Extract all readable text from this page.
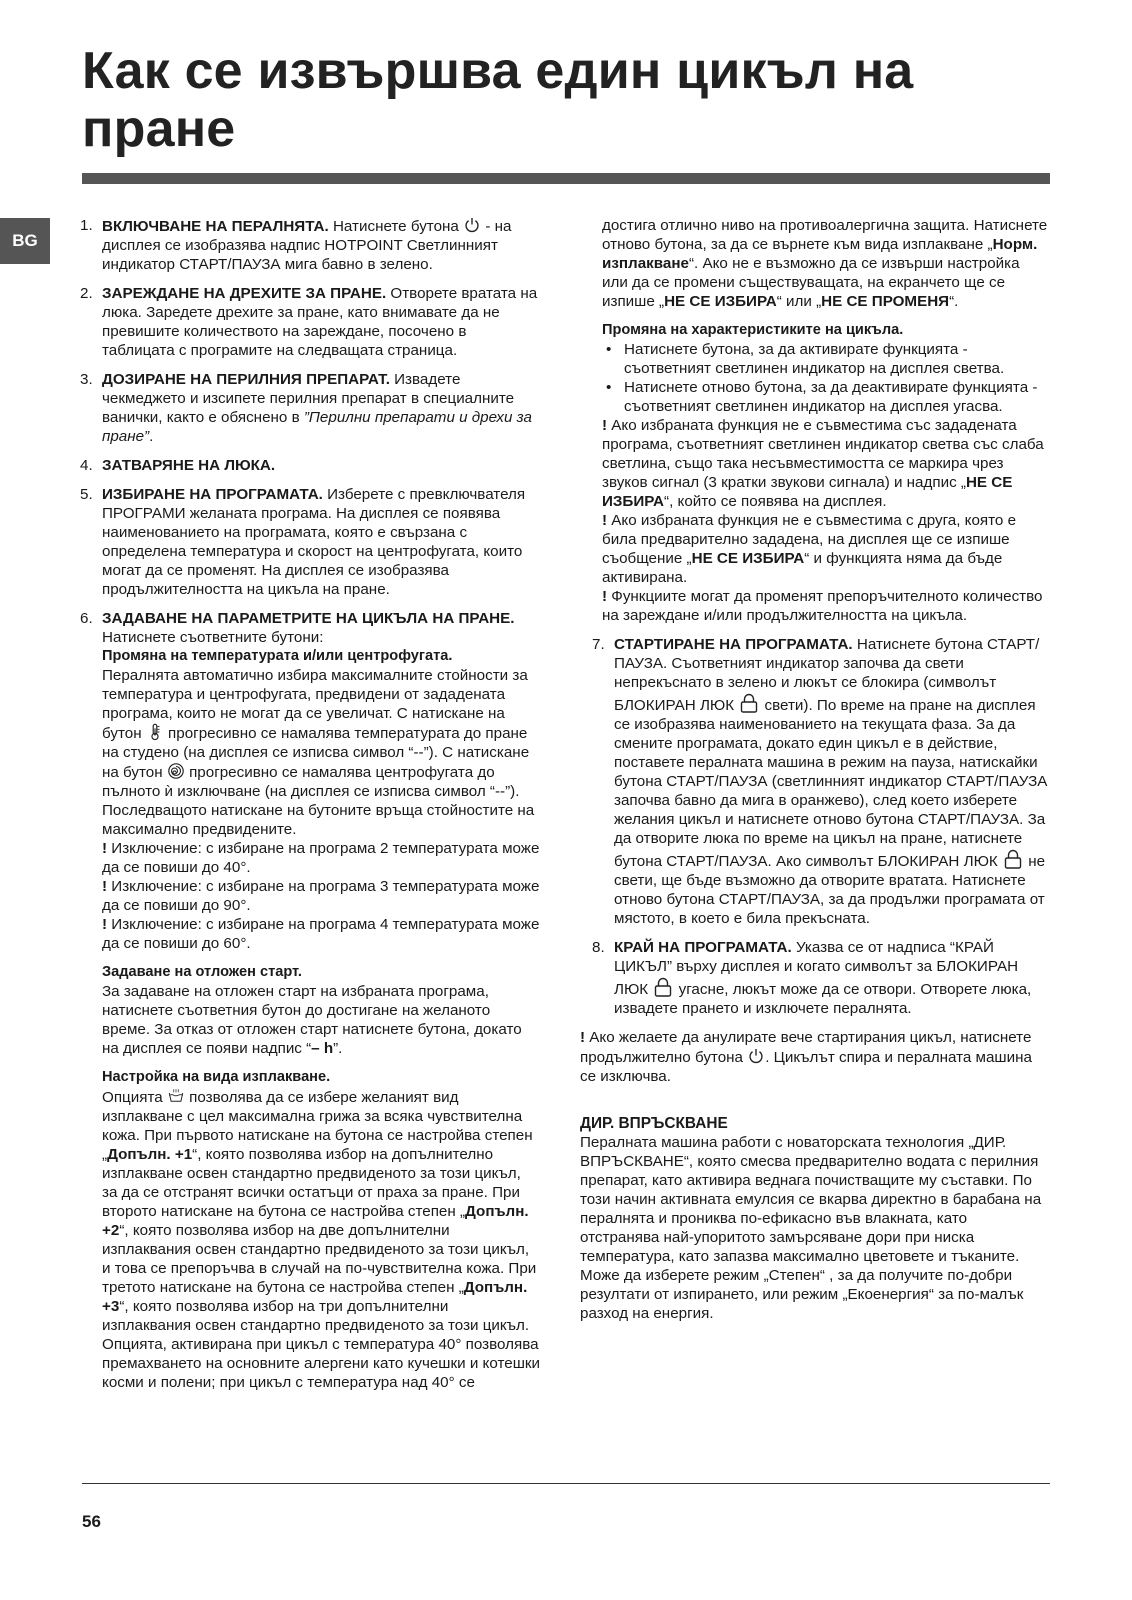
Как се извършва един цикъл на пране
BG
1. ВКЛЮЧВАНЕ НА ПЕРАЛНЯТА. Натиснете бутона
- на дисплея се изобразява надпис HOTPOINT Светлинният индикатор СТАРТ/ПАУЗА мига бавно в зелено.
2. ЗАРЕЖДАНЕ НА ДРЕХИТЕ ЗА ПРАНЕ. Отворете вратата на люка. Заредете дрехите за пране, като внимавате да не превишите количеството на зареждане, посочено в таблицата с програмите на следващата страница.
3. ДОЗИРАНЕ НА ПЕРИЛНИЯ ПРЕПАРАТ. Извадете чекмеджето и изсипете перилния препарат в специалните ванички, както е обяснено в ”Перилни препарати и дрехи за пране”.
4. ЗАТВАРЯНЕ НА ЛЮКА.
5. ИЗБИРАНЕ НА ПРОГРАМАТА. Изберете с превключвателя ПРОГРАМИ желаната програма. На дисплея се появява наименованието на програмата, която е свързана с определена температура и скорост на центрофугата, които могат да се променят. На дисплея се изобразява продължителността на цикъла на пране.
6. ЗАДАВАНЕ НА ПАРАМЕТРИТЕ НА ЦИКЪЛА НА ПРАНЕ. Натиснете съответните бутони:

Промяна на температурата и/или центрофугата.

Пералнята автоматично избира максималните стойности за температура и центрофугата, предвидени от зададената програма, които не могат да се увеличат. С натискане на бутон
прогресивно се намалява температурата до пране на студено (на дисплея се изписва символ “--”). С натискане на бутон
прогресивно се намалява центрофугата до пълното ѝ изключване (на дисплея се изписва символ “--”). Последващото натискане на бутоните връща стойностите на максимално предвидените.

! Изключение: с избиране на програма 2 температурата може да се повиши до 40°.

! Изключение: с избиране на програма 3 температурата може да се повиши до 90°.

! Изключение: с избиране на програма 4 температурата може да се повиши до 60°.

Задаване на отложен старт.

За задаване на отложен старт на избраната програма, натиснете съответния бутон до достигане на желаното време. За отказ от отложен старт натиснете бутона, докато на дисплея се появи надпис “– h”.

Настройка на вида изплакване.

Опцията
позволява да се избере желаният вид изплакване с цел максимална грижа за всяка чувствителна кожа. При първото натискане на бутона се настройва степен „Допълн. +1“, която позволява избор на допълнително изплакване освен стандартно предвиденото за този цикъл, за да се отстранят всички остатъци от праха за пране. При второто натискане на бутона се настройва степен „Допълн. +2“, която позволява избор на две допълнителни изплаквания освен стандартно предвиденото за този цикъл, и това се препоръчва в случай на по-чувствителна кожа. При третото натискане на бутона се настройва степен „Допълн. +3“, която позволява избор на три допълнителни изплаквания освен стандартно предвиденото за този цикъл. Опцията, активирана при цикъл с температура 40° позволява премахването на основните алергени като кучешки и котешки косми и полени; при цикъл с температура над 40° се

достига отлично ниво на противоалергична защита. Натиснете отново бутона, за да се върнете към вида изплакване „Норм. изплакване“. Ако не е възможно да се извърши настройка или да се промени съществуващата, на екранчето ще се изпише „НЕ СЕ ИЗБИРА“ или „НЕ СЕ ПРОМЕНЯ“.

Промяна на характеристиките на цикъла.

• Натиснете бутона, за да активирате функцията - съответният светлинен индикатор на дисплея светва.
• Натиснете отново бутона, за да деактивирате функцията - съответният светлинен индикатор на дисплея угасва.

! Ако избраната функция не е съвместима със зададената програма, съответният светлинен индикатор светва със слаба светлина, също така несъвместимостта се маркира чрез звуков сигнал (3 кратки звукови сигнала) и надпис „НЕ СЕ ИЗБИРА“, който се появява на дисплея.

! Ако избраната функция не е съвместима с друга, която е била предварително зададена, на дисплея ще се изпише съобщение „НЕ СЕ ИЗБИРА“ и функцията няма да бъде активирана.

! Функциите могат да променят препоръчителното количество на зареждане и/или продължителността на цикъла.

7. СТАРТИРАНЕ НА ПРОГРАМАТА. Натиснете бутона СТАРТ/ПАУЗА. Съответният индикатор започва да свети непрекъснато в зелено и люкът се блокира (символът БЛОКИРАН ЛЮК
свети). По време на пране на дисплея се изобразява наименованието на текущата фаза. За да смените програмата, докато един цикъл е в действие, поставете пералната машина в режим на пауза, натискайки бутона СТАРТ/ПАУЗА (светлинният индикатор СТАРТ/ПАУЗА започва бавно да мига в оранжево), след което изберете желания цикъл и натиснете отново бутона СТАРТ/ПАУЗА. За да отворите люка по време на цикъл на пране, натиснете бутона СТАРТ/ПАУЗА. Ако символът БЛОКИРАН ЛЮК
не свети, ще бъде възможно да отворите вратата. Натиснете отново бутона СТАРТ/ПАУЗА, за да продължи програмата от мястото, в което е била прекъсната.
8. КРАЙ НА ПРОГРАМАТА. Указва се от надписа “КРАЙ ЦИКЪЛ” върху дисплея и когато символът за БЛОКИРАН ЛЮК
угасне, люкът може да се отвори. Отворете люка, извадете прането и изключете пералнята.

! Ако желаете да анулирате вече стартирания цикъл, натиснете продължително бутона
. Цикълът спира и пералната машина се изключва.

ДИР. ВПРЪСКВАНЕ

Пералната машина работи с новаторската технология „ДИР. ВПРЪСКВАНЕ“, която смесва предварително водата с перилния препарат, като активира веднага почистващите му съставки. По този начин активната емулсия се вкарва директно в барабана на пералнята и прониква по-ефикасно във влакната, като отстранява най-упоритото замърсяване дори при ниска температура, като запазва максимално цветовете и тъканите.

Може да изберете режим „Степен“ , за да получите по-добри резултати от изпирането, или режим „Екоенергия“ за по-малък разход на енергия.

56
